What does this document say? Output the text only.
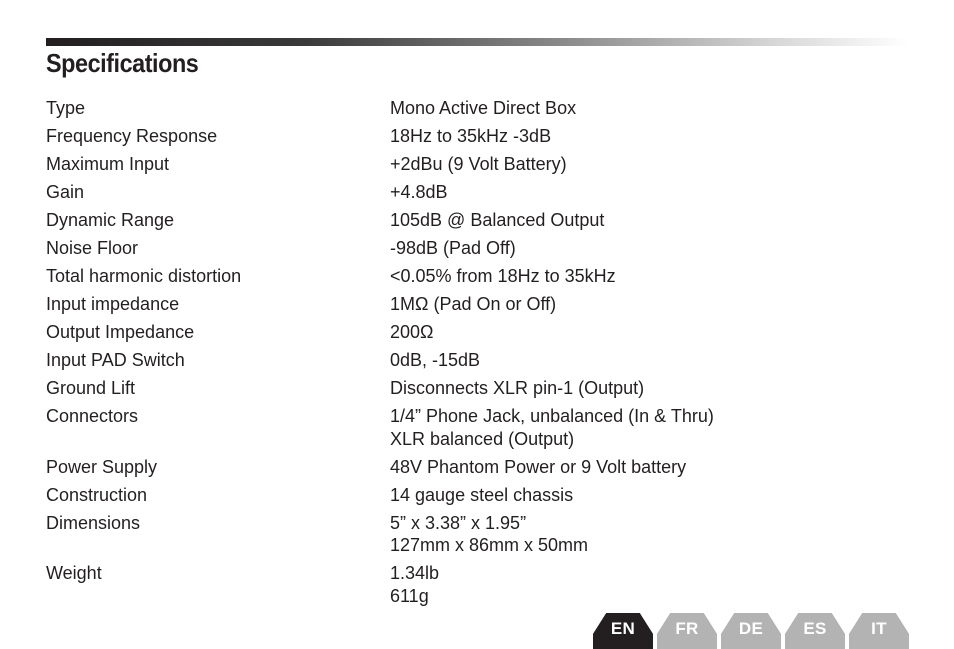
Specifications
Type	Mono Active Direct Box
Frequency Response	18Hz to 35kHz -3dB
Maximum Input	+2dBu (9 Volt Battery)
Gain	+4.8dB
Dynamic Range	105dB @ Balanced Output
Noise Floor	-98dB (Pad Off)
Total harmonic distortion	<0.05% from 18Hz to 35kHz
Input impedance	1MΩ (Pad On or Off)
Output Impedance	200Ω
Input PAD Switch	0dB, -15dB
Ground Lift	Disconnects XLR pin-1 (Output)
Connectors	1/4” Phone Jack, unbalanced (In & Thru)
XLR balanced (Output)
Power Supply	48V Phantom Power or 9 Volt battery
Construction	14 gauge steel chassis
Dimensions	5” x 3.38” x 1.95”
127mm x 86mm x 50mm
Weight	1.34lb
611g
EN	FR	DE	ES	IT
